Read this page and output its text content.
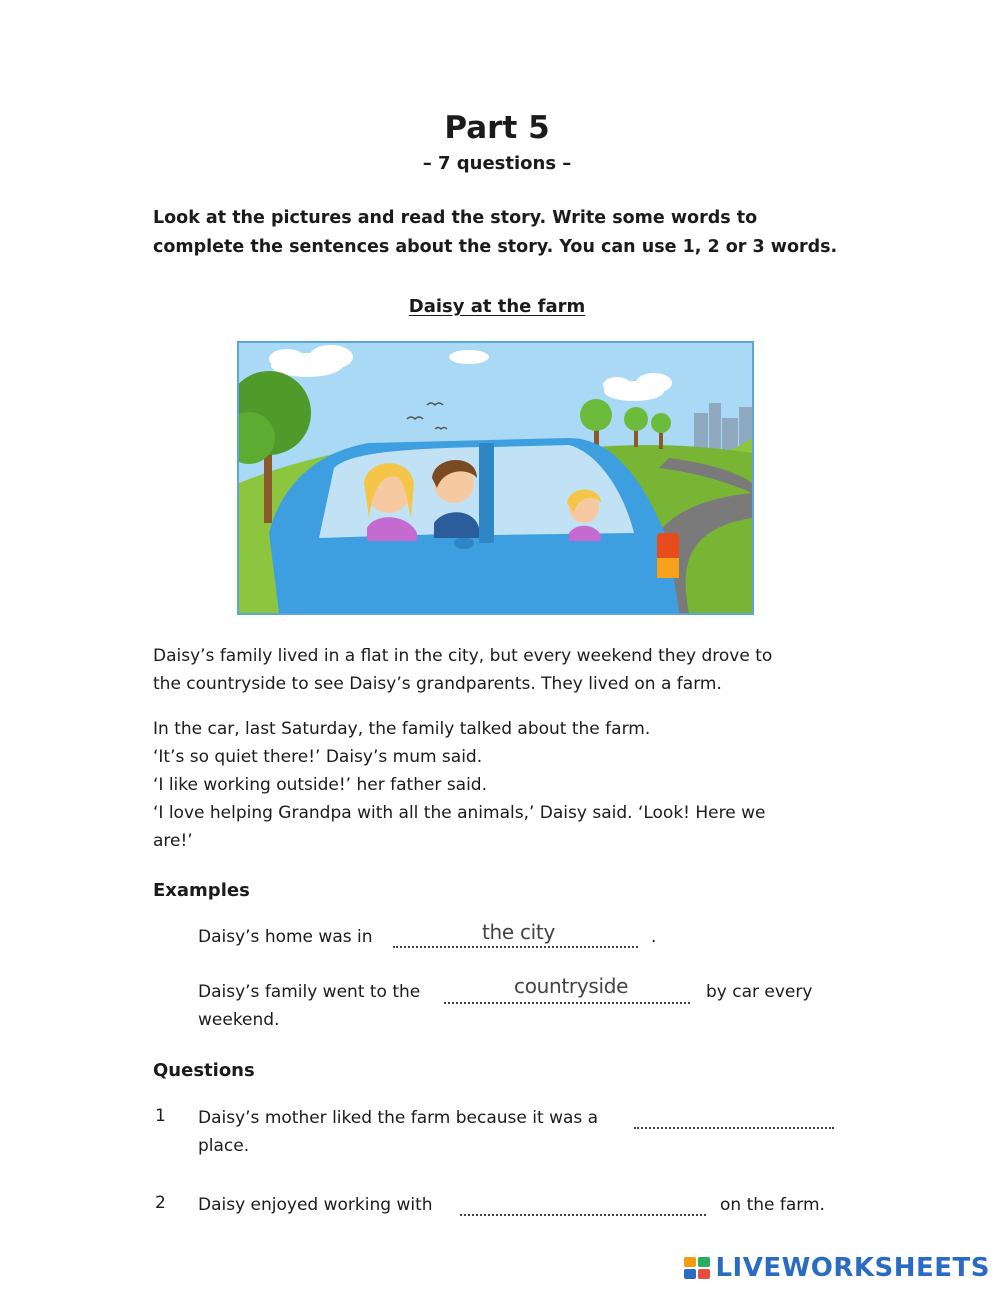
Part 5
– 7 questions –
Look at the pictures and read the story. Write some words to
complete the sentences about the story. You can use 1, 2 or 3 words.
Daisy at the farm
Daisy’s family lived in a flat in the city, but every weekend they drove to
the countryside to see Daisy’s grandparents. They lived on a farm.
In the car, last Saturday, the family talked about the farm.
‘It’s so quiet there!’ Daisy’s mum said.
‘I like working outside!’ her father said.
‘I love helping Grandpa with all the animals,’ Daisy said. ‘Look! Here we
are!’
Examples
Daisy’s home was in	the city	.
Daisy’s family went to the	countryside	by car every
weekend.
Questions
1 Daisy’s mother liked the farm because it was a
place.
2 Daisy enjoyed working with	on the farm.
LIVEWORKSHEETS
